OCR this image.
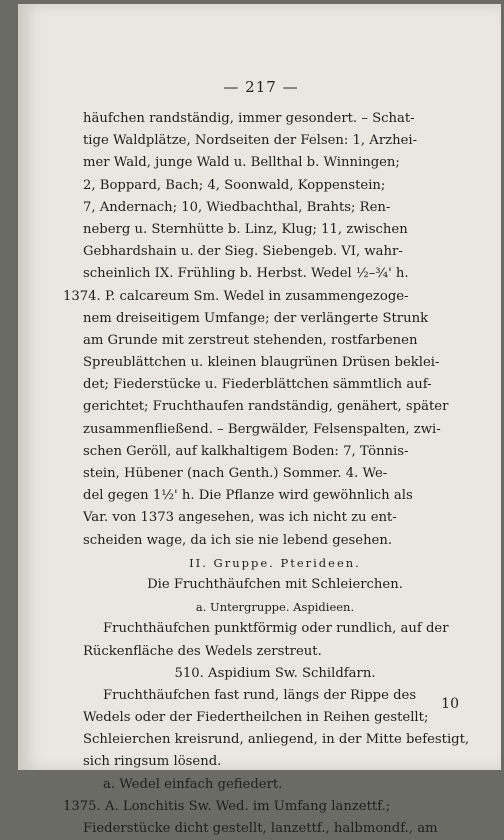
— 217 —
häufchen randständig, immer gesondert. – Schat-
tige Waldplätze, Nordseiten der Felsen: 1, Arzhei-
mer Wald, junge Wald u. Bellthal b. Winningen;
2, Boppard, Bach; 4, Soonwald, Koppenstein;
7, Andernach; 10, Wiedbachthal, Brahts; Ren-
neberg u. Sternhütte b. Linz, Klug; 11, zwischen
Gebhardshain u. der Sieg. Siebengeb. VI, wahr-
scheinlich IX. Frühling b. Herbst. Wedel ½–¾' h.
1374. P. calcareum Sm. Wedel in zusammengezoge-
nem dreiseitigem Umfange; der verlängerte Strunk
am Grunde mit zerstreut stehenden, rostfarbenen
Spreublättchen u. kleinen blaugrünen Drüsen beklei-
det; Fiederstücke u. Fiederblättchen sämmtlich auf-
gerichtet; Fruchthaufen randständig, genähert, später
zusammenfließend. – Bergwälder, Felsenspalten, zwi-
schen Geröll, auf kalkhaltigem Boden: 7, Tönnis-
stein, Hübener (nach Genth.) Sommer. 4. We-
del gegen 1½' h. Die Pflanze wird gewöhnlich als
Var. von 1373 angesehen, was ich nicht zu ent-
scheiden wage, da ich sie nie lebend gesehen.
II. Gruppe. Pterideen.
Die Fruchthäufchen mit Schleierchen.
a. Untergruppe. Aspidieen.
Fruchthäufchen punktförmig oder rundlich, auf der
Rückenfläche des Wedels zerstreut.
510. Aspidium Sw. Schildfarn.
Fruchthäufchen fast rund, längs der Rippe des
Wedels oder der Fiedertheilchen in Reihen gestellt;
Schleierchen kreisrund, anliegend, in der Mitte befestigt,
sich ringsum lösend.
a. Wedel einfach gefiedert.
1375. A. Lonchitis Sw. Wed. im Umfang lanzettf.;
Fiederstücke dicht gestellt, lanzettf., halbmondf., am
10
